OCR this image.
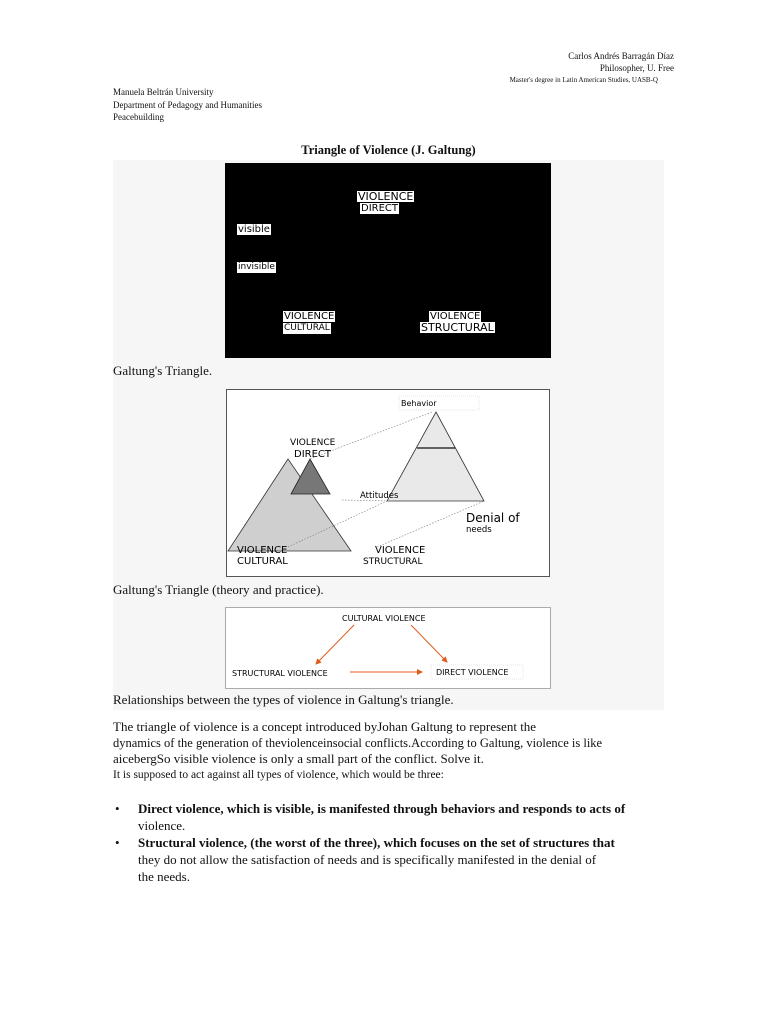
Carlos Andrés Barragán Díaz
Philosopher, U. Free
Master's degree in Latin American Studies, UASB-Q
Manuela Beltrán University
Department of Pedagogy and Humanities
Peacebuilding
Triangle of Violence (J. Galtung)
VIOLENCE
DIRECT
visible
invisible
VIOLENCE
CULTURAL
VIOLENCE
STRUCTURAL
Galtung's Triangle.
Behavior
VIOLENCE
DIRECT
Attitudes
Denial of
needs
VIOLENCE
CULTURAL
VIOLENCE
STRUCTURAL
Galtung's Triangle (theory and practice).
CULTURAL VIOLENCE
STRUCTURAL VIOLENCE	DIRECT VIOLENCE
Relationships between the types of violence in Galtung's triangle.
The triangle of violence is a concept introduced byJohan Galtung to represent the
dynamics of the generation of theviolenceinsocial conflicts.According to Galtung, violence is like
aicebergSo visible violence is only a small part of the conflict. Solve it.
It is supposed to act against all types of violence, which would be three:
• Direct violence, which is visible, is manifested through behaviors and responds to acts of
violence.
• Structural violence, (the worst of the three), which focuses on the set of structures that
they do not allow the satisfaction of needs and is specifically manifested in the denial of
the needs.
